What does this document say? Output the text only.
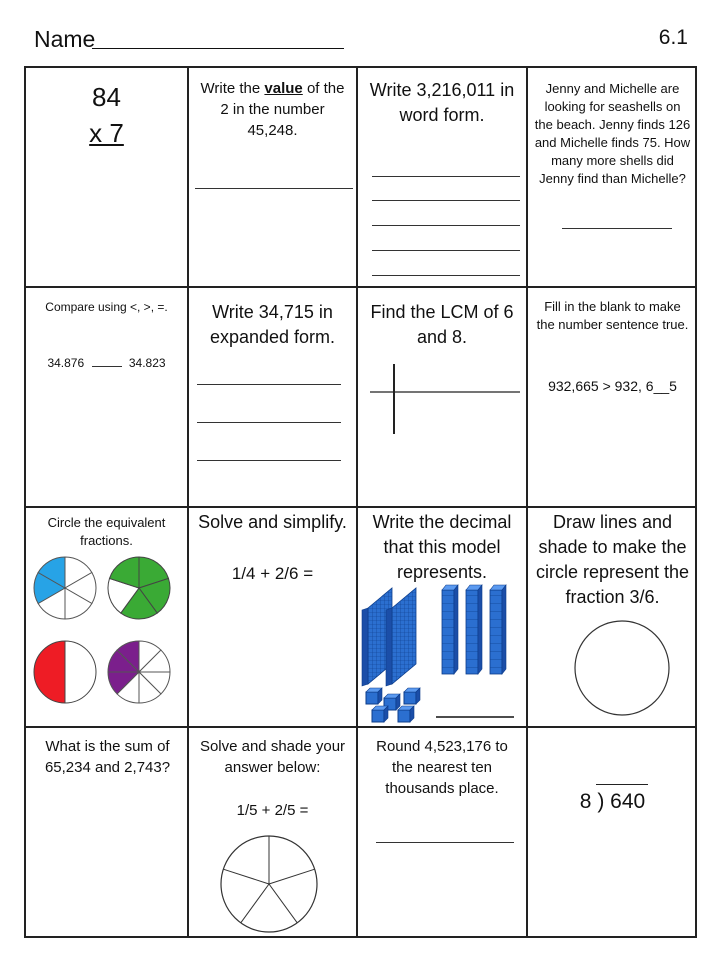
Name	6.1
84
x 7
Write the value of the 2 in the number 45,248.
Write 3,216,011 in word form.
Jenny and Michelle are looking for seashells on the beach. Jenny finds 126 and Michelle finds 75. How many more shells did Jenny find than Michelle?
Compare using <, >, =.
34.876	34.823
Write 34,715 in expanded form.
Find the LCM of 6 and 8.
Fill in the blank to make the number sentence true.
932,665 > 932, 6__5
Circle the equivalent fractions.
Solve and simplify.
1/4 + 2/6 =
Write the decimal that this model represents.
Draw lines and shade to make the circle represent the fraction 3/6.
What is the sum of 65,234 and 2,743?
Solve and shade your answer below:
1/5 + 2/5 =
Round 4,523,176 to the nearest ten thousands place.
8 ) 640
